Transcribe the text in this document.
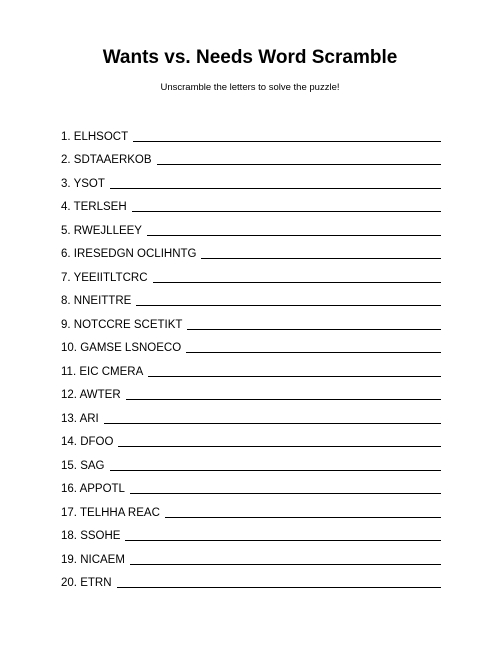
Wants vs. Needs Word Scramble
Unscramble the letters to solve the puzzle!
1. ELHSOCT
2. SDTAAERKOB
3. YSOT
4. TERLSEH
5. RWEJLLEEY
6. IRESEDGN OCLIHNTG
7. YEEIITLTCRC
8. NNEITTRE
9. NOTCCRE SCETIKT
10. GAMSE LSNOECO
11. EIC CMERA
12. AWTER
13. ARI
14. DFOO
15. SAG
16. APPOTL
17. TELHHA REAC
18. SSOHE
19. NICAEM
20. ETRN
